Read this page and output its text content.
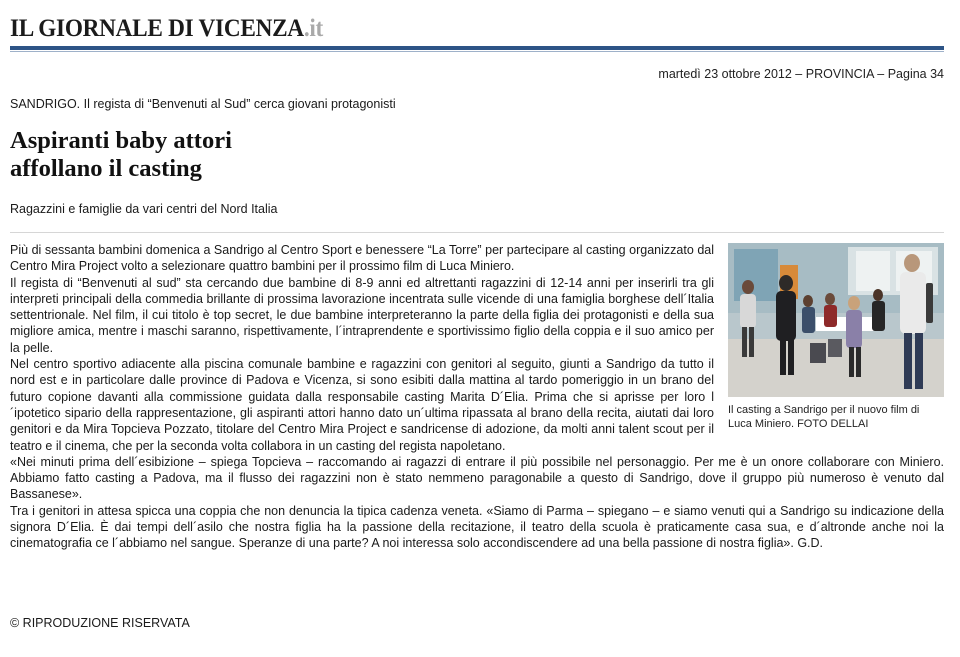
IL GIORNALE DI VICENZA.it
martedì 23 ottobre 2012 – PROVINCIA – Pagina 34
SANDRIGO. Il regista di “Benvenuti al Sud” cerca giovani protagonisti
Aspiranti baby attori
affollano il casting
Ragazzini e famiglie da vari centri del Nord Italia
Il casting a Sandrigo per il nuovo film di Luca Miniero. FOTO DELLAI
Più di sessanta bambini domenica a Sandrigo al Centro Sport e benessere “La Torre” per partecipare al casting organizzato dal Centro Mira Project volto a selezionare quattro bambini per il prossimo film di Luca Miniero.
Il regista di “Benvenuti al sud” sta cercando due bambine di 8-9 anni ed altrettanti ragazzini di 12-14 anni per inserirli tra gli interpreti principali della commedia brillante di prossima lavorazione incentrata sulle vicende di una famiglia borghese dell´Italia settentrionale. Nel film, il cui titolo è top secret, le due bambine interpreteranno la parte della figlia dei protagonisti e della sua migliore amica, mentre i maschi saranno, rispettivamente, l´intraprendente e sportivissimo figlio della coppia e il suo amico per la pelle.
Nel centro sportivo adiacente alla piscina comunale bambine e ragazzini con genitori al seguito, giunti a Sandrigo da tutto il nord est e in particolare dalle province di Padova e Vicenza, si sono esibiti dalla mattina al tardo pomeriggio in un brano del futuro copione davanti alla commissione guidata dalla responsabile casting Marita D´Elia. Prima che si aprisse per loro l´ipotetico sipario della rappresentazione, gli aspiranti attori hanno dato un´ultima ripassata al brano della recita, aiutati dai loro genitori e da Mira Topcieva Pozzato, titolare del Centro Mira Project e sandricense di adozione, da molti anni talent scout per il teatro e il cinema, che per la seconda volta collabora in un casting del regista napoletano.
«Nei minuti prima dell´esibizione – spiega Topcieva – raccomando ai ragazzi di entrare il più possibile nel personaggio. Per me è un onore collaborare con Miniero. Abbiamo fatto casting a Padova, ma il flusso dei ragazzini non è stato nemmeno paragonabile a questo di Sandrigo, dove il gruppo più numeroso è venuto dal Bassanese».
Tra i genitori in attesa spicca una coppia che non denuncia la tipica cadenza veneta. «Siamo di Parma – spiegano – e siamo venuti qui a Sandrigo su indicazione della signora D´Elia. È dai tempi dell´asilo che nostra figlia ha la passione della recitazione, il teatro della scuola è praticamente casa sua, e d´altronde anche noi la cinematografia ce l´abbiamo nel sangue. Speranze di una parte? A noi interessa solo accondiscendere ad una bella passione di nostra figlia». G.D.
© RIPRODUZIONE RISERVATA
